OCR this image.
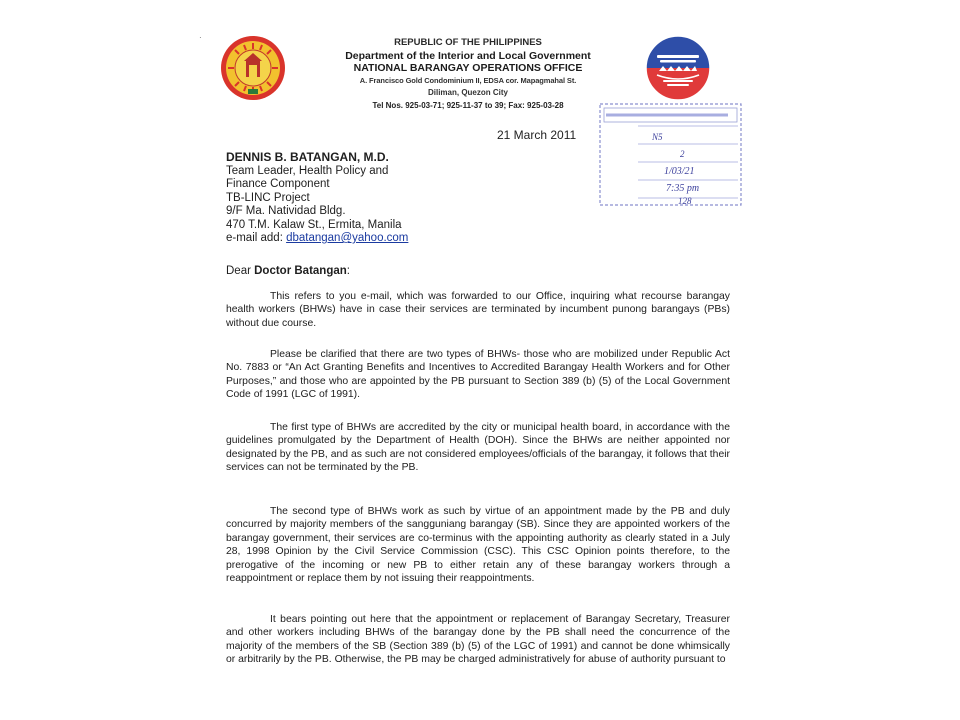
·	REPUBLIC OF THE PHILIPPINES
Department of the Interior and Local Government
NATIONAL BARANGAY OPERATIONS OFFICE
A. Francisco Gold Condominium II, EDSA cor. Mapagmahal St.
Diliman, Quezon City
Tel Nos. 925-03-71; 925-11-37 to 39; Fax: 925-03-28
N5
2
1/03/21
7:35 pm
128
21 March 2011
DENNIS B. BATANGAN, M.D.
Team Leader, Health Policy and
Finance Component
TB-LINC Project
9/F Ma. Natividad Bldg.
470 T.M. Kalaw St., Ermita, Manila
e-mail add: dbatangan@yahoo.com
Dear Doctor Batangan:

This refers to you e-mail, which was forwarded to our Office, inquiring what recourse barangay health workers (BHWs) have in case their services are terminated by incumbent punong barangays (PBs) without due course.

Please be clarified that there are two types of BHWs- those who are mobilized under Republic Act No. 7883 or “An Act Granting Benefits and Incentives to Accredited Barangay Health Workers and for Other Purposes,” and those who are appointed by the PB pursuant to Section 389 (b) (5) of the Local Government Code of 1991 (LGC of 1991).

The first type of BHWs are accredited by the city or municipal health board, in accordance with the guidelines promulgated by the Department of Health (DOH). Since the BHWs are neither appointed nor designated by the PB, and as such are not considered employees/officials of the barangay, it follows that their services can not be terminated by the PB.

The second type of BHWs work as such by virtue of an appointment made by the PB and duly concurred by majority members of the sangguniang barangay (SB). Since they are appointed workers of the barangay government, their services are co-terminus with the appointing authority as clearly stated in a July 28, 1998 Opinion by the Civil Service Commission (CSC). This CSC Opinion points therefore, to the prerogative of the incoming or new PB to either retain any of these barangay workers through a reappointment or replace them by not issuing their reappointments.

It bears pointing out here that the appointment or replacement of Barangay Secretary, Treasurer and other workers including BHWs of the barangay done by the PB shall need the concurrence of the majority of the members of the SB (Section 389 (b) (5) of the LGC of 1991) and cannot be done whimsically or arbitrarily by the PB. Otherwise, the PB may be charged administratively for abuse of authority pursuant to
